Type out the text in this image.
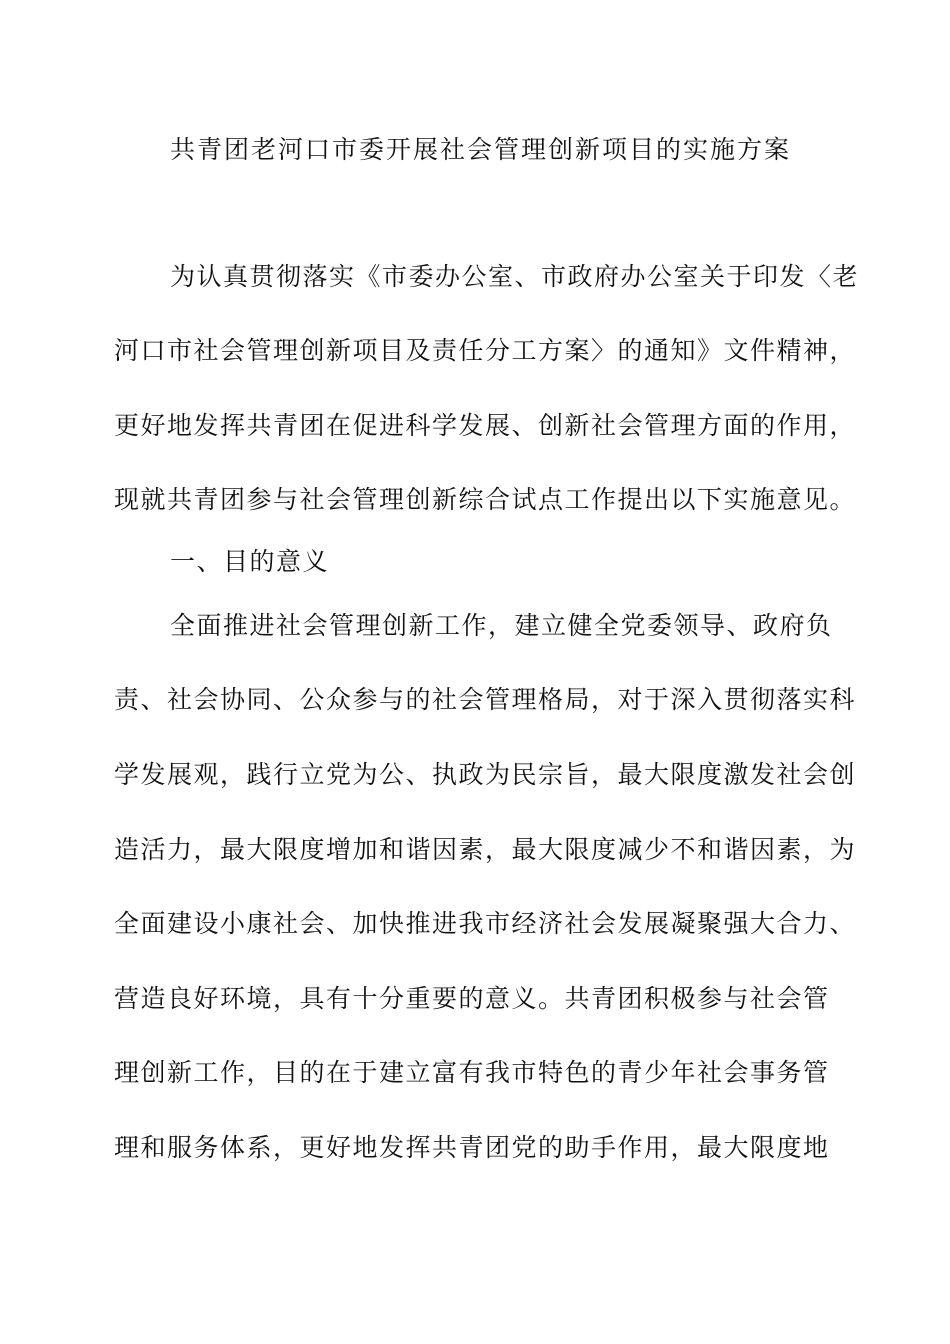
共青团老河口市委开展社会管理创新项目的实施方案
为认真贯彻落实《市委办公室、市政府办公室关于印发〈老
河口市社会管理创新项目及责任分工方案〉的通知》文件精神，
更好地发挥共青团在促进科学发展、创新社会管理方面的作用，
现就共青团参与社会管理创新综合试点工作提出以下实施意见。
一、目的意义
全面推进社会管理创新工作，建立健全党委领导、政府负
责、社会协同、公众参与的社会管理格局，对于深入贯彻落实科
学发展观，践行立党为公、执政为民宗旨，最大限度激发社会创
造活力，最大限度增加和谐因素，最大限度减少不和谐因素，为
全面建设小康社会、加快推进我市经济社会发展凝聚强大合力、
营造良好环境，具有十分重要的意义。共青团积极参与社会管
理创新工作，目的在于建立富有我市特色的青少年社会事务管
理和服务体系，更好地发挥共青团党的助手作用，最大限度地
